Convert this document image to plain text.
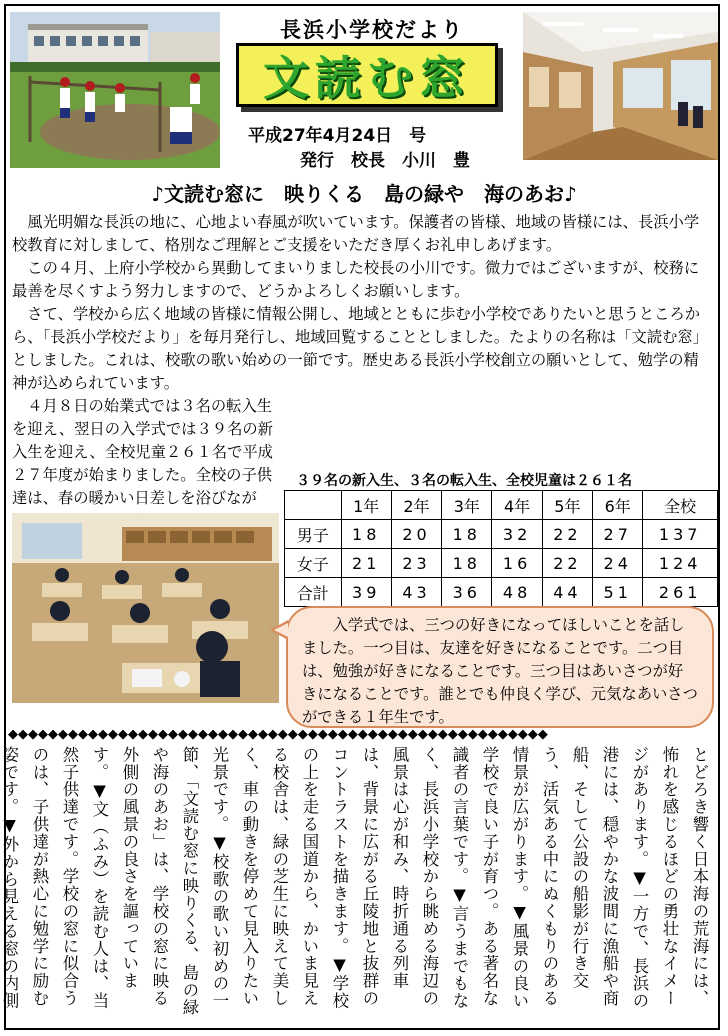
長浜小学校だより
文読む窓
平成27年4月24日　号
発行　校長　小川　豊
♪文読む窓に　映りくる　島の緑や　海のあお♪

風光明媚な長浜の地に、心地よい春風が吹いています。保護者の皆様、地域の皆様には、長浜小学校教育に対しまして、格別なご理解とご支援をいただき厚くお礼申しあげます。

この４月、上府小学校から異動してまいりました校長の小川です。微力ではございますが、校務に最善を尽くすよう努力しますので、どうかよろしくお願いします。

さて、学校から広く地域の皆様に情報公開し、地域とともに歩む小学校でありたいと思うところから、「長浜小学校だより」を毎月発行し、地域回覧することとしました。たよりの名称は「文読む窓」としました。これは、校歌の歌い始めの一節です。歴史ある長浜小学校創立の願いとして、勉学の精神が込められています。

４月８日の始業式では３名の転入生を迎え、翌日の入学式では３９名の新入生を迎え、全校児童２６１名で平成２７年度が始まりました。全校の子供達は、春の暖かい日差しを浴びなが

３９名の新入生、３名の転入生、全校児童は２６１名
	1年	2年	3年	4年	5年	6年	全校
男子	18	20	18	32	22	27	137
女子	21	23	18	16	22	24	124
合計	39	43	36	48	44	51	261

入学式では、三つの好きになってほしいことを話しました。一つ目は、友達を好きになることです。二つ目は、勉強が好きになることです。三つ目はあいさつが好きになることです。誰とでも仲良く学び、元気なあいさつができる１年生です。

◆◆◆◆◆◆◆◆◆◆◆◆◆◆◆◆◆◆◆◆◆◆◆◆◆◆◆◆◆◆◆◆◆◆◆◆◆◆◆◆◆◆◆◆◆◆◆◆◆◆◆◆◆◆
とどろき響く日本海の荒海には、怖れを感じるほどの勇壮なイメージがあります。▼一方で、長浜の港には、穏やかな波間に漁船や商船、そして公設の船影が行き交う、活気ある中にぬくもりのある情景が広がります。▼風景の良い学校で良い子が育つ。ある著名な識者の言葉です。▼言うまでもなく、長浜小学校から眺める海辺の風景は心が和み、時折通る列車は、背景に広がる丘陵地と抜群のコントラストを描きます。▼学校の上を走る国道から、かいま見える校舎は、緑の芝生に映えて美しく、車の動きを停めて見入りたい光景です。▼校歌の歌い初めの一節、「文読む窓に映りくる、島の緑や海のあお」は、学校の窓に映る外側の風景の良さを謳っています。▼文（ふみ）を読む人は、当然子供達です。学校の窓に似合うのは、子供達が熱心に勉学に励む姿です。▼外から見える窓の内側
